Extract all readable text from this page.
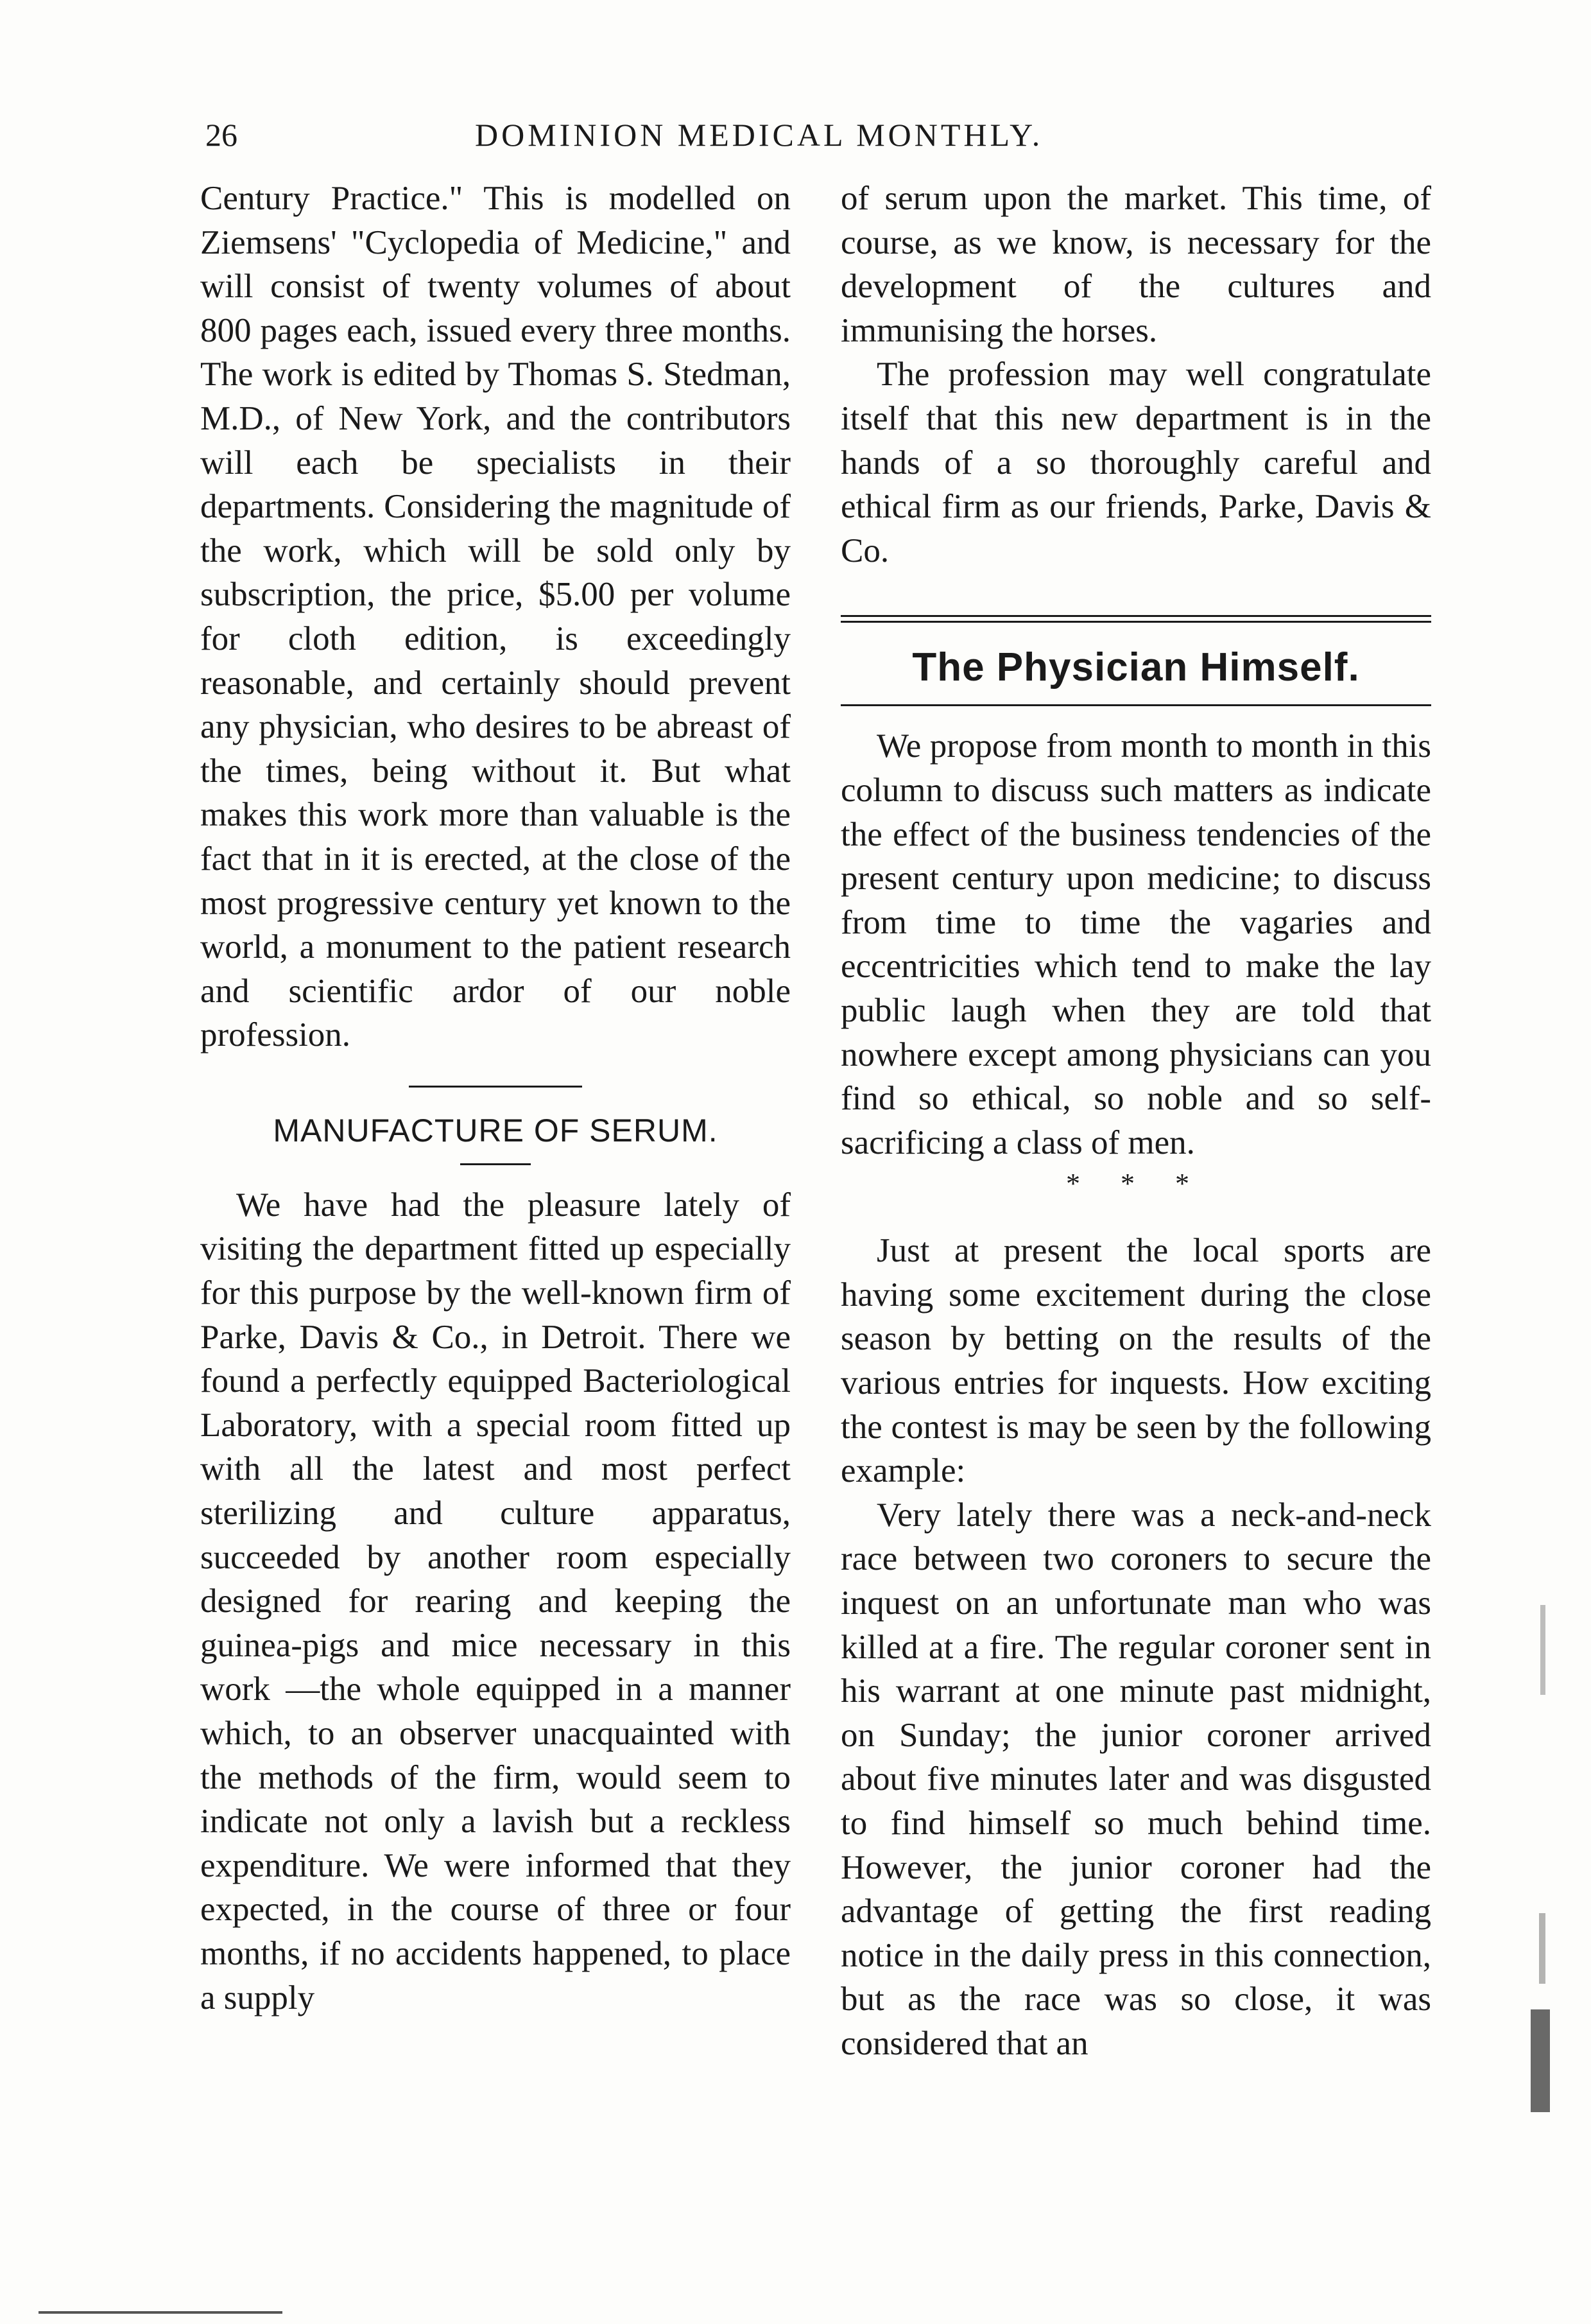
26	DOMINION MEDICAL MONTHLY.

Century Practice." This is modelled on Ziemsens' "Cyclopedia of Medicine," and will consist of twenty volumes of about 800 pages each, issued every three months. The work is edited by Thomas S. Stedman, M.D., of New York, and the contributors will each be specialists in their departments. Considering the magnitude of the work, which will be sold only by subscription, the price, $5.00 per volume for cloth edition, is exceedingly reasonable, and certainly should prevent any physician, who desires to be abreast of the times, being without it. But what makes this work more than valuable is the fact that in it is erected, at the close of the most progressive century yet known to the world, a monument to the patient research and scientific ardor of our noble profession.

MANUFACTURE OF SERUM.

We have had the pleasure lately of visiting the department fitted up especially for this purpose by the well-known firm of Parke, Davis & Co., in Detroit. There we found a perfectly equipped Bacteriological Laboratory, with a special room fitted up with all the latest and most perfect sterilizing and culture apparatus, succeeded by another room especially designed for rearing and keeping the guinea-pigs and mice necessary in this work —the whole equipped in a manner which, to an observer unacquainted with the methods of the firm, would seem to indicate not only a lavish but a reckless expenditure. We were informed that they expected, in the course of three or four months, if no accidents happened, to place a supply

of serum upon the market. This time, of course, as we know, is necessary for the development of the cultures and immunising the horses.

The profession may well congratulate itself that this new department is in the hands of a so thoroughly careful and ethical firm as our friends, Parke, Davis & Co.

The Physician Himself.

We propose from month to month in this column to discuss such matters as indicate the effect of the business tendencies of the present century upon medicine; to discuss from time to time the vagaries and eccentricities which tend to make the lay public laugh when they are told that nowhere except among physicians can you find so ethical, so noble and so self-sacrificing a class of men.

* * *

Just at present the local sports are having some excitement during the close season by betting on the results of the various entries for inquests. How exciting the contest is may be seen by the following example:

Very lately there was a neck-and-neck race between two coroners to secure the inquest on an unfortunate man who was killed at a fire. The regular coroner sent in his warrant at one minute past midnight, on Sunday; the junior coroner arrived about five minutes later and was disgusted to find himself so much behind time. However, the junior coroner had the advantage of getting the first reading notice in the daily press in this connection, but as the race was so close, it was considered that an
